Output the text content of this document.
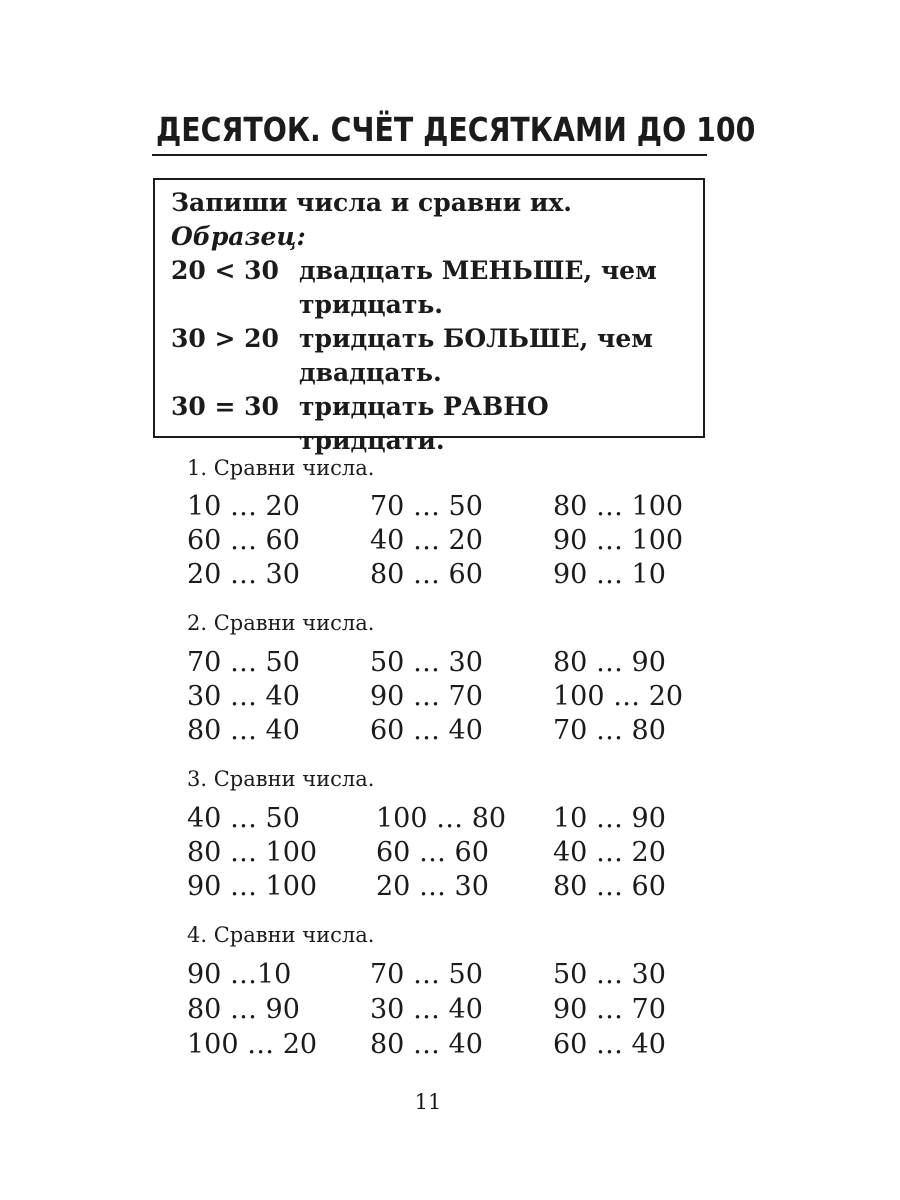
ДЕСЯТОК. СЧЁТ ДЕСЯТКАМИ ДО 100
Запиши числа и сравни их.
Образец:
20 < 30 двадцать МЕНЬШЕ, чем тридцать.
30 > 20 тридцать БОЛЬШЕ, чем двадцать.
30 = 30 тридцать РАВНО тридцати.
1. Сравни числа.
10 … 20	70 … 50	80 … 100
60 … 60	40 … 20	90 … 100
20 … 30	80 … 60	90 … 10
2. Сравни числа.
70 … 50	50 … 30	80 … 90
30 … 40	90 … 70	100 … 20
80 … 40	60 … 40	70 … 80
3. Сравни числа.
40 … 50	100 … 80 10 … 90
80 … 100 60 … 60 40 … 20
90 … 100 20 … 30 80 … 60
4. Сравни числа.
90 …10	70 … 50	50 … 30
80 … 90	30 … 40	90 … 70
100 … 20 80 … 40	60 … 40
11
